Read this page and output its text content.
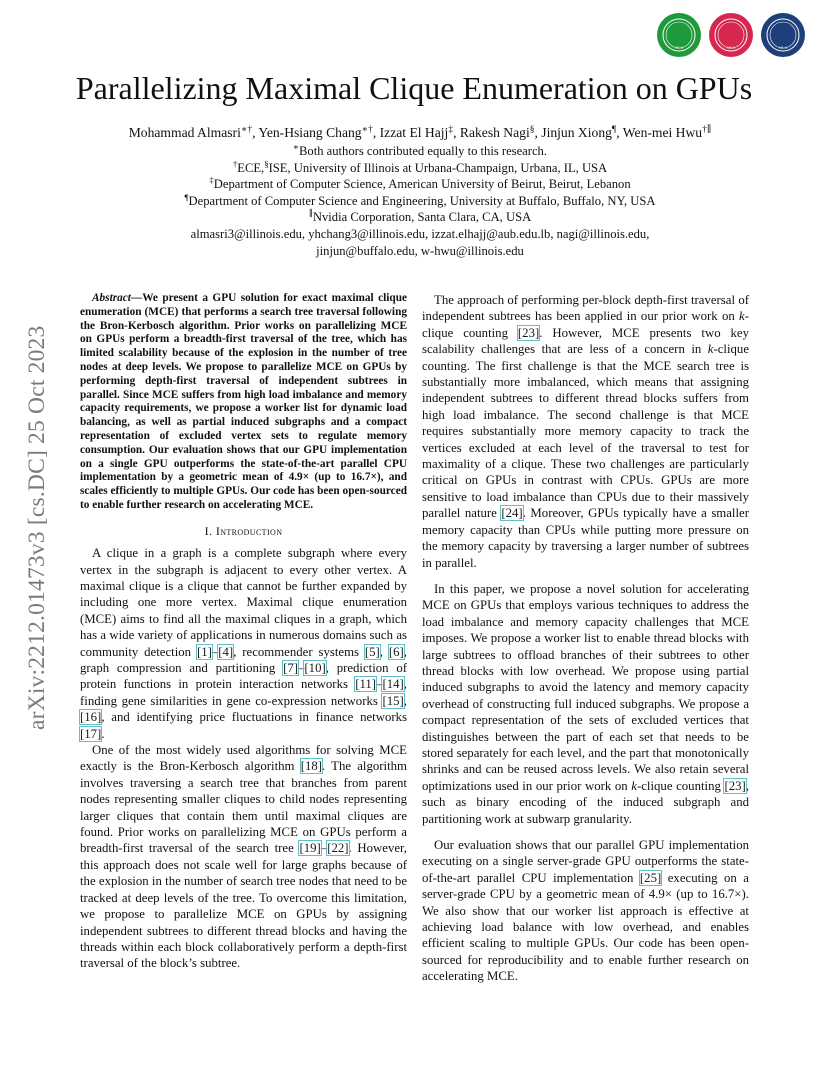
V1.1	V1.1	V1.1
arXiv:2212.01473v3 [cs.DC] 25 Oct 2023
Parallelizing Maximal Clique Enumeration on GPUs
Mohammad Almasri∗†, Yen-Hsiang Chang∗†, Izzat El Hajj‡, Rakesh Nagi§, Jinjun Xiong¶, Wen-mei Hwu†∥
∗Both authors contributed equally to this research.
†ECE,§ISE, University of Illinois at Urbana-Champaign, Urbana, IL, USA
‡Department of Computer Science, American University of Beirut, Beirut, Lebanon
¶Department of Computer Science and Engineering, University at Buffalo, Buffalo, NY, USA
∥Nvidia Corporation, Santa Clara, CA, USA
almasri3@illinois.edu, yhchang3@illinois.edu, izzat.elhajj@aub.edu.lb, nagi@illinois.edu,
jinjun@buffalo.edu, w-hwu@illinois.edu

Abstract—We present a GPU solution for exact maximal clique enumeration (MCE) that performs a search tree traversal following the Bron-Kerbosch algorithm. Prior works on parallelizing MCE on GPUs perform a breadth-first traversal of the tree, which has limited scalability because of the explosion in the number of tree nodes at deep levels. We propose to parallelize MCE on GPUs by performing depth-first traversal of independent subtrees in parallel. Since MCE suffers from high load imbalance and memory capacity requirements, we propose a worker list for dynamic load balancing, as well as partial induced subgraphs and a compact representation of excluded vertex sets to regulate memory consumption. Our evaluation shows that our GPU implementation on a single GPU outperforms the state-of-the-art parallel CPU implementation by a geometric mean of 4.9× (up to 16.7×), and scales efficiently to multiple GPUs. Our code has been open-sourced to enable further research on accelerating MCE.

I. Introduction

A clique in a graph is a complete subgraph where every vertex in the subgraph is adjacent to every other vertex. A maximal clique is a clique that cannot be further expanded by including one more vertex. Maximal clique enumeration (MCE) aims to find all the maximal cliques in a graph, which has a wide variety of applications in numerous domains such as community detection [1]–[4], recommender systems [5], [6], graph compression and partitioning [7]–[10], prediction of protein functions in protein interaction networks [11]–[14], finding gene similarities in gene co-expression networks [15], [16], and identifying price fluctuations in finance networks [17].

One of the most widely used algorithms for solving MCE exactly is the Bron-Kerbosch algorithm [18]. The algorithm involves traversing a search tree that branches from parent nodes representing smaller cliques to child nodes representing larger cliques that contain them until maximal cliques are found. Prior works on parallelizing MCE on GPUs perform a breadth-first traversal of the search tree [19]–[22]. However, this approach does not scale well for large graphs because of the explosion in the number of search tree nodes that need to be tracked at deep levels of the tree. To overcome this limitation, we propose to parallelize MCE on GPUs by assigning independent subtrees to different thread blocks and having the threads within each block collaboratively perform a depth-first traversal of the block’s subtree.

The approach of performing per-block depth-first traversal of independent subtrees has been applied in our prior work on k-clique counting [23]. However, MCE presents two key scalability challenges that are less of a concern in k-clique counting. The first challenge is that the MCE search tree is substantially more imbalanced, which means that assigning independent subtrees to different thread blocks suffers from high load imbalance. The second challenge is that MCE requires substantially more memory capacity to track the vertices excluded at each level of the traversal to test for maximality of a clique. These two challenges are particularly critical on GPUs in contrast with CPUs. GPUs are more sensitive to load imbalance than CPUs due to their massively parallel nature [24]. Moreover, GPUs typically have a smaller memory capacity than CPUs while putting more pressure on the memory capacity by traversing a larger number of subtrees in parallel.

In this paper, we propose a novel solution for accelerating MCE on GPUs that employs various techniques to address the load imbalance and memory capacity challenges that MCE imposes. We propose a worker list to enable thread blocks with large subtrees to offload branches of their subtrees to other thread blocks with low overhead. We propose using partial induced subgraphs to avoid the latency and memory capacity overhead of constructing full induced subgraphs. We propose a compact representation of the sets of excluded vertices that distinguishes between the part of each set that needs to be stored separately for each level, and the part that monotonically shrinks and can be reused across levels. We also retain several optimizations used in our prior work on k-clique counting [23], such as binary encoding of the induced subgraph and partitioning work at subwarp granularity.

Our evaluation shows that our parallel GPU implementation executing on a single server-grade GPU outperforms the state-of-the-art parallel CPU implementation [25] executing on a server-grade CPU by a geometric mean of 4.9× (up to 16.7×). We also show that our worker list approach is effective at achieving load balance with low overhead, and enables efficient scaling to multiple GPUs. Our code has been open-sourced for reproducibility and to enable further research on accelerating MCE.
